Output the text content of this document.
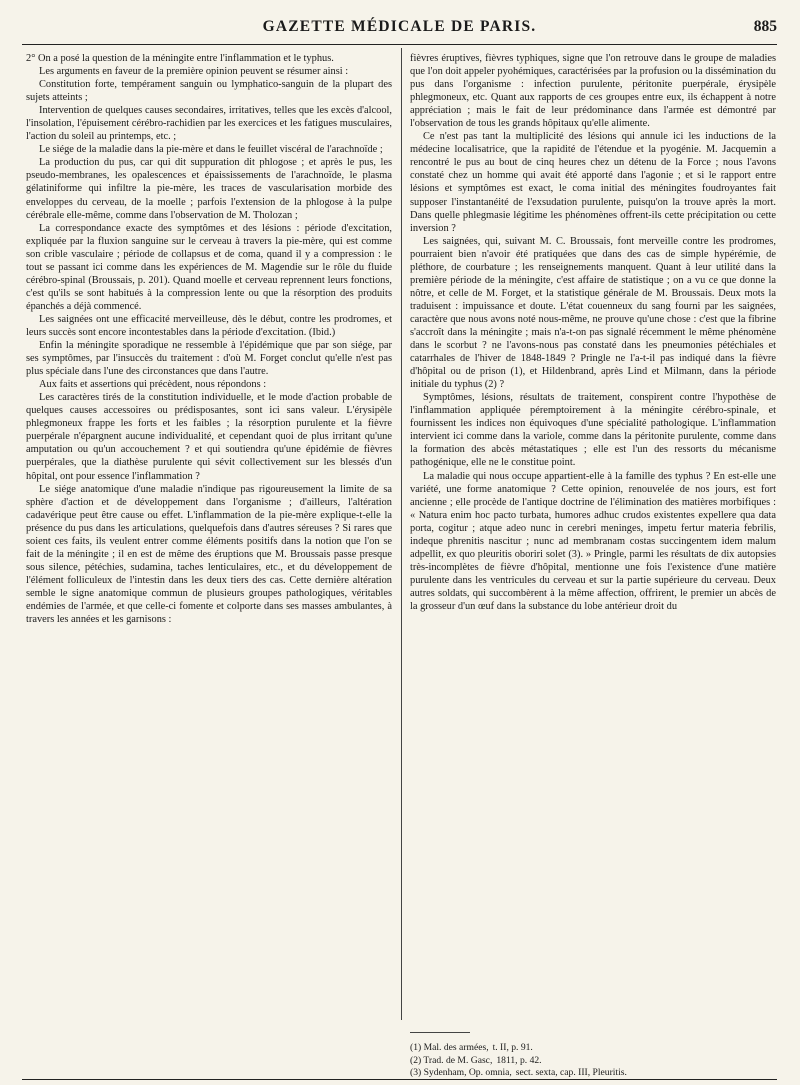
GAZETTE MÉDICALE DE PARIS.	885

2° On a posé la question de la méningite entre l'inflammation et le typhus.

Les arguments en faveur de la première opinion peuvent se résumer ainsi :

Constitution forte, tempérament sanguin ou lymphatico-sanguin de la plupart des sujets atteints ;

Intervention de quelques causes secondaires, irritatives, telles que les excès d'alcool, l'insolation, l'épuisement cérébro-rachidien par les exercices et les fatigues musculaires, l'action du soleil au printemps, etc. ;

Le siége de la maladie dans la pie-mère et dans le feuillet viscéral de l'arachnoïde ;

La production du pus, car qui dit suppuration dit phlogose ; et après le pus, les pseudo-membranes, les opalescences et épaississements de l'arachnoïde, le plasma gélatiniforme qui infiltre la pie-mère, les traces de vascularisation morbide des enveloppes du cerveau, de la moelle ; parfois l'extension de la phlogose à la pulpe cérébrale elle-même, comme dans l'observation de M. Tholozan ;

La correspondance exacte des symptômes et des lésions : période d'excitation, expliquée par la fluxion sanguine sur le cerveau à travers la pie-mère, qui est comme son crible vasculaire ; période de collapsus et de coma, quand il y a compression : le tout se passant ici comme dans les expériences de M. Magendie sur le rôle du fluide cérébro-spinal (Broussais, p. 201). Quand moelle et cerveau reprennent leurs fonctions, c'est qu'ils se sont habitués à la compression lente ou que la résorption des produits épanchés a déjà commencé.

Les saignées ont une efficacité merveilleuse, dès le début, contre les prodromes, et leurs succès sont encore incontestables dans la période d'excitation. (Ibid.)

Enfin la méningite sporadique ne ressemble à l'épidémique que par son siége, par ses symptômes, par l'insuccès du traitement : d'où M. Forget conclut qu'elle n'est pas plus spéciale dans l'une des circonstances que dans l'autre.

Aux faits et assertions qui précèdent, nous répondons :

Les caractères tirés de la constitution individuelle, et le mode d'action probable de quelques causes accessoires ou prédisposantes, sont ici sans valeur. L'érysipèle phlegmoneux frappe les forts et les faibles ; la résorption purulente et la fièvre puerpérale n'épargnent aucune individualité, et cependant quoi de plus irritant qu'une amputation ou qu'un accouchement ? et qui soutiendra qu'une épidémie de fièvres puerpérales, que la diathèse purulente qui sévit collectivement sur les blessés d'un hôpital, ont pour essence l'inflammation ?

Le siége anatomique d'une maladie n'indique pas rigoureusement la limite de sa sphère d'action et de développement dans l'organisme ; d'ailleurs, l'altération cadavérique peut être cause ou effet. L'inflammation de la pie-mère explique-t-elle la présence du pus dans les articulations, quelquefois dans d'autres séreuses ? Si rares que soient ces faits, ils veulent entrer comme éléments positifs dans la notion que l'on se fait de la méningite ; il en est de même des éruptions que M. Broussais passe presque sous silence, pétéchies, sudamina, taches lenticulaires, etc., et du développement de l'élément folliculeux de l'intestin dans les deux tiers des cas. Cette dernière altération semble le signe anatomique commun de plusieurs groupes pathologiques, véritables endémies de l'armée, et que celle-ci fomente et colporte dans ses masses ambulantes, à travers les années et les garnisons :

fièvres éruptives, fièvres typhiques, signe que l'on retrouve dans le groupe de maladies que l'on doit appeler pyohémiques, caractérisées par la profusion ou la dissémination du pus dans l'organisme : infection purulente, péritonite puerpérale, érysipèle phlegmoneux, etc. Quant aux rapports de ces groupes entre eux, ils échappent à notre appréciation ; mais le fait de leur prédominance dans l'armée est démontré par l'observation de tous les grands hôpitaux qu'elle alimente.

Ce n'est pas tant la multiplicité des lésions qui annule ici les inductions de la médecine localisatrice, que la rapidité de l'étendue et la pyogénie. M. Jacquemin a rencontré le pus au bout de cinq heures chez un détenu de la Force ; nous l'avons constaté chez un homme qui avait été apporté dans l'agonie ; et si le rapport entre lésions et symptômes est exact, le coma initial des méningites foudroyantes fait supposer l'instantanéité de l'exsudation purulente, puisqu'on la trouve après la mort. Dans quelle phlegmasie légitime les phénomènes offrent-ils cette précipitation ou cette inversion ?

Les saignées, qui, suivant M. C. Broussais, font merveille contre les prodromes, pourraient bien n'avoir été pratiquées que dans des cas de simple hypérémie, de pléthore, de courbature ; les renseignements manquent. Quant à leur utilité dans la première période de la méningite, c'est affaire de statistique ; on a vu ce que donne la nôtre, et celle de M. Forget, et la statistique générale de M. Broussais. Deux mots la traduisent : impuissance et doute. L'état couenneux du sang fourni par les saignées, caractère que nous avons noté nous-même, ne prouve qu'une chose : c'est que la fibrine s'accroît dans la méningite ; mais n'a-t-on pas signalé récemment le même phénomène dans le scorbut ? ne l'avons-nous pas constaté dans les pneumonies pétéchiales et catarrhales de l'hiver de 1848-1849 ? Pringle ne l'a-t-il pas indiqué dans la fièvre d'hôpital ou de prison (1), et Hildenbrand, après Lind et Milmann, dans la période initiale du typhus (2) ?

Symptômes, lésions, résultats de traitement, conspirent contre l'hypothèse de l'inflammation appliquée péremptoirement à la méningite cérébro-spinale, et fournissent les indices non équivoques d'une spécialité pathologique. L'inflammation intervient ici comme dans la variole, comme dans la péritonite purulente, comme dans la formation des abcès métastatiques ; elle est l'un des ressorts du mécanisme pathogénique, elle ne le constitue point.

La maladie qui nous occupe appartient-elle à la famille des typhus ? En est-elle une variété, une forme anatomique ? Cette opinion, renouvelée de nos jours, est fort ancienne ; elle procède de l'antique doctrine de l'élimination des matières morbifiques : « Natura enim hoc pacto turbata, humores adhuc crudos existentes expellere qua data porta, cogitur ; atque adeo nunc in cerebri meninges, impetu fertur materia febrilis, indeque phrenitis nascitur ; nunc ad membranam costas succingentem idem malum adpellit, ex quo pleuritis oboriri solet (3). » Pringle, parmi les résultats de dix autopsies très-incomplètes de fièvre d'hôpital, mentionne une fois l'existence d'une matière purulente dans les ventricules du cerveau et sur la partie supérieure du cerveau. Deux autres soldats, qui succombèrent à la même affection, offrirent, le premier un abcès de la grosseur d'un œuf dans la substance du lobe antérieur droit du

(1) Mal. des armées, t. II, p. 91.
(2) Trad. de M. Gasc, 1811, p. 42.
(3) Sydenham, Op. omnia, sect. sexta, cap. III, Pleuritis.
